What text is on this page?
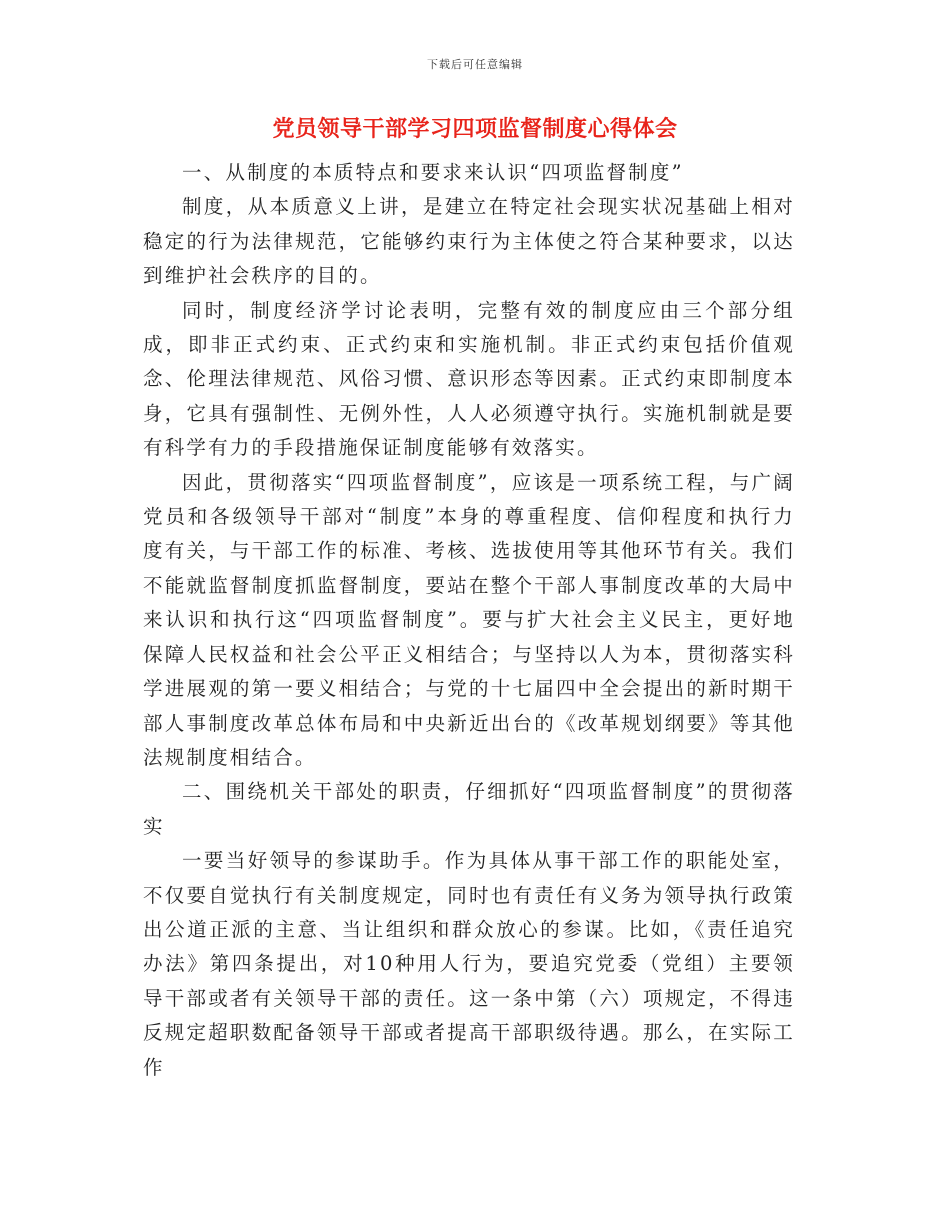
下载后可任意编辑
党员领导干部学习四项监督制度心得体会

一、从制度的本质特点和要求来认识“四项监督制度”

制度，从本质意义上讲，是建立在特定社会现实状况基础上相对稳定的行为法律规范，它能够约束行为主体使之符合某种要求，以达到维护社会秩序的目的。

同时，制度经济学讨论表明，完整有效的制度应由三个部分组成，即非正式约束、正式约束和实施机制。非正式约束包括价值观念、伦理法律规范、风俗习惯、意识形态等因素。正式约束即制度本身，它具有强制性、无例外性，人人必须遵守执行。实施机制就是要有科学有力的手段措施保证制度能够有效落实。

因此，贯彻落实“四项监督制度”，应该是一项系统工程，与广阔党员和各级领导干部对“制度”本身的尊重程度、信仰程度和执行力度有关，与干部工作的标准、考核、选拔使用等其他环节有关。我们不能就监督制度抓监督制度，要站在整个干部人事制度改革的大局中来认识和执行这“四项监督制度”。要与扩大社会主义民主，更好地保障人民权益和社会公平正义相结合；与坚持以人为本，贯彻落实科学进展观的第一要义相结合；与党的十七届四中全会提出的新时期干部人事制度改革总体布局和中央新近出台的《改革规划纲要》等其他法规制度相结合。

二、围绕机关干部处的职责，仔细抓好“四项监督制度”的贯彻落实

一要当好领导的参谋助手。作为具体从事干部工作的职能处室，不仅要自觉执行有关制度规定，同时也有责任有义务为领导执行政策出公道正派的主意、当让组织和群众放心的参谋。比如，《责任追究办法》第四条提出，对10种用人行为，要追究党委（党组）主要领导干部或者有关领导干部的责任。这一条中第（六）项规定，不得违反规定超职数配备领导干部或者提高干部职级待遇。那么，在实际工作
